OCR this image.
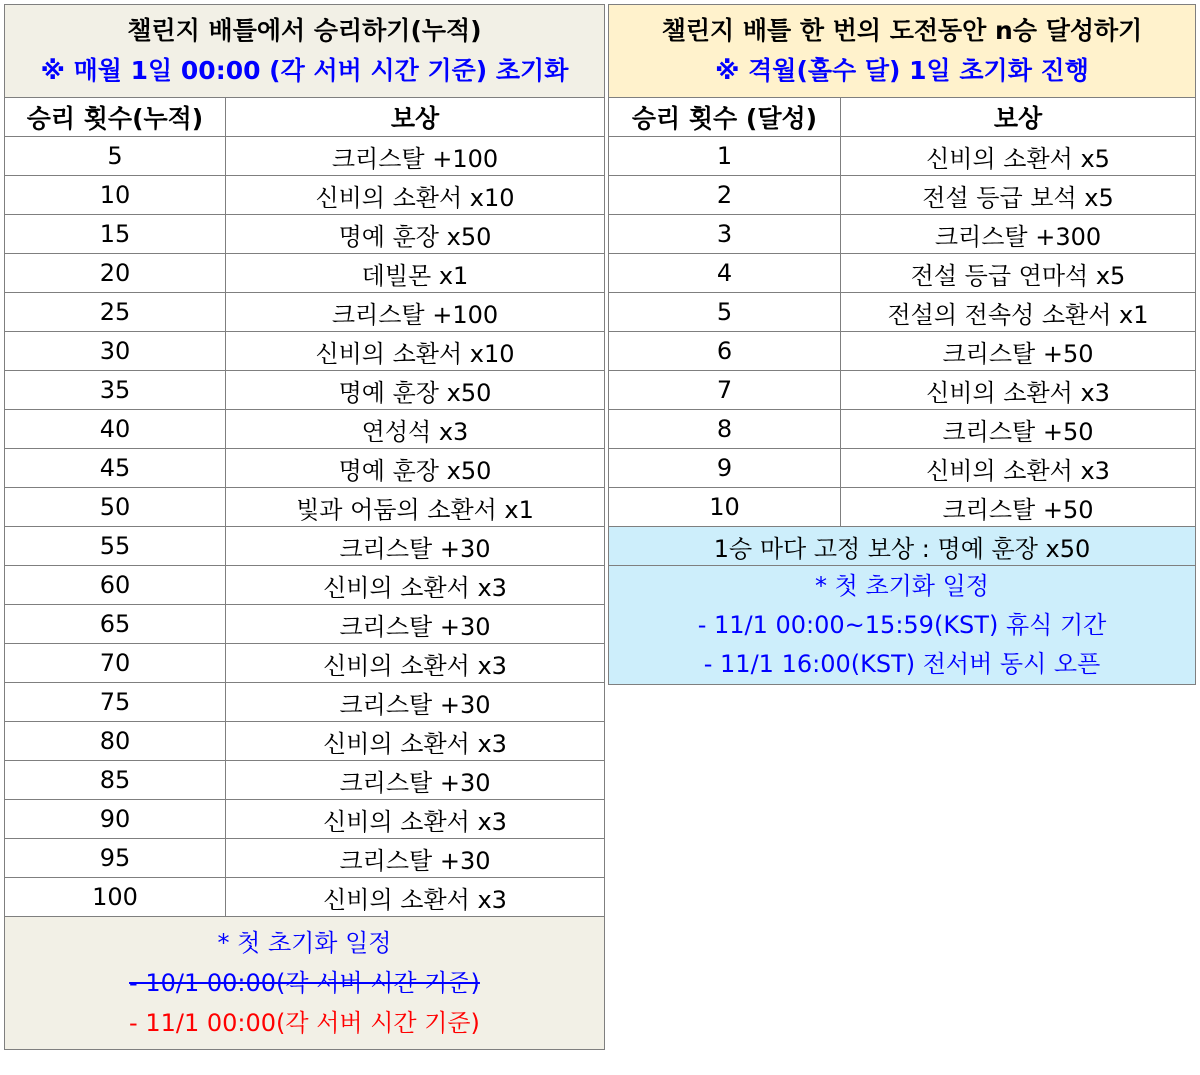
챌린지 배틀에서 승리하기(누적)
※ 매월 1일 00:00 (각 서버 시간 기준) 초기화	

승리 횟수(누적)	보상
5	크리스탈 +100
10	신비의 소환서 x10
15	명예 훈장 x50
20	데빌몬 x1
25	크리스탈 +100
30	신비의 소환서 x10
35	명예 훈장 x50
40	연성석 x3
45	명예 훈장 x50
50	빛과 어둠의 소환서 x1
55	크리스탈 +30
60	신비의 소환서 x3
65	크리스탈 +30
70	신비의 소환서 x3
75	크리스탈 +30
80	신비의 소환서 x3
85	크리스탈 +30
90	신비의 소환서 x3
95	크리스탈 +30
100	신비의 소환서 x3

* 첫 초기화 일정
- 10/1 00:00(각 서버 시간 기준)
- 11/1 00:00(각 서버 시간 기준)	
챌린지 배틀 한 번의 도전동안 n승 달성하기
※ 격월(홀수 달) 1일 초기화 진행	

승리 횟수 (달성)	보상
1	신비의 소환서 x5
2	전설 등급 보석 x5
3	크리스탈 +300
4	전설 등급 연마석 x5
5	전설의 전속성 소환서 x1
6	크리스탈 +50
7	신비의 소환서 x3
8	크리스탈 +50
9	신비의 소환서 x3
10	크리스탈 +50
1승 마다 고정 보상 : 명예 훈장 x50	

* 첫 초기화 일정
- 11/1 00:00~15:59(KST) 휴식 기간
- 11/1 16:00(KST) 전서버 동시 오픈	
